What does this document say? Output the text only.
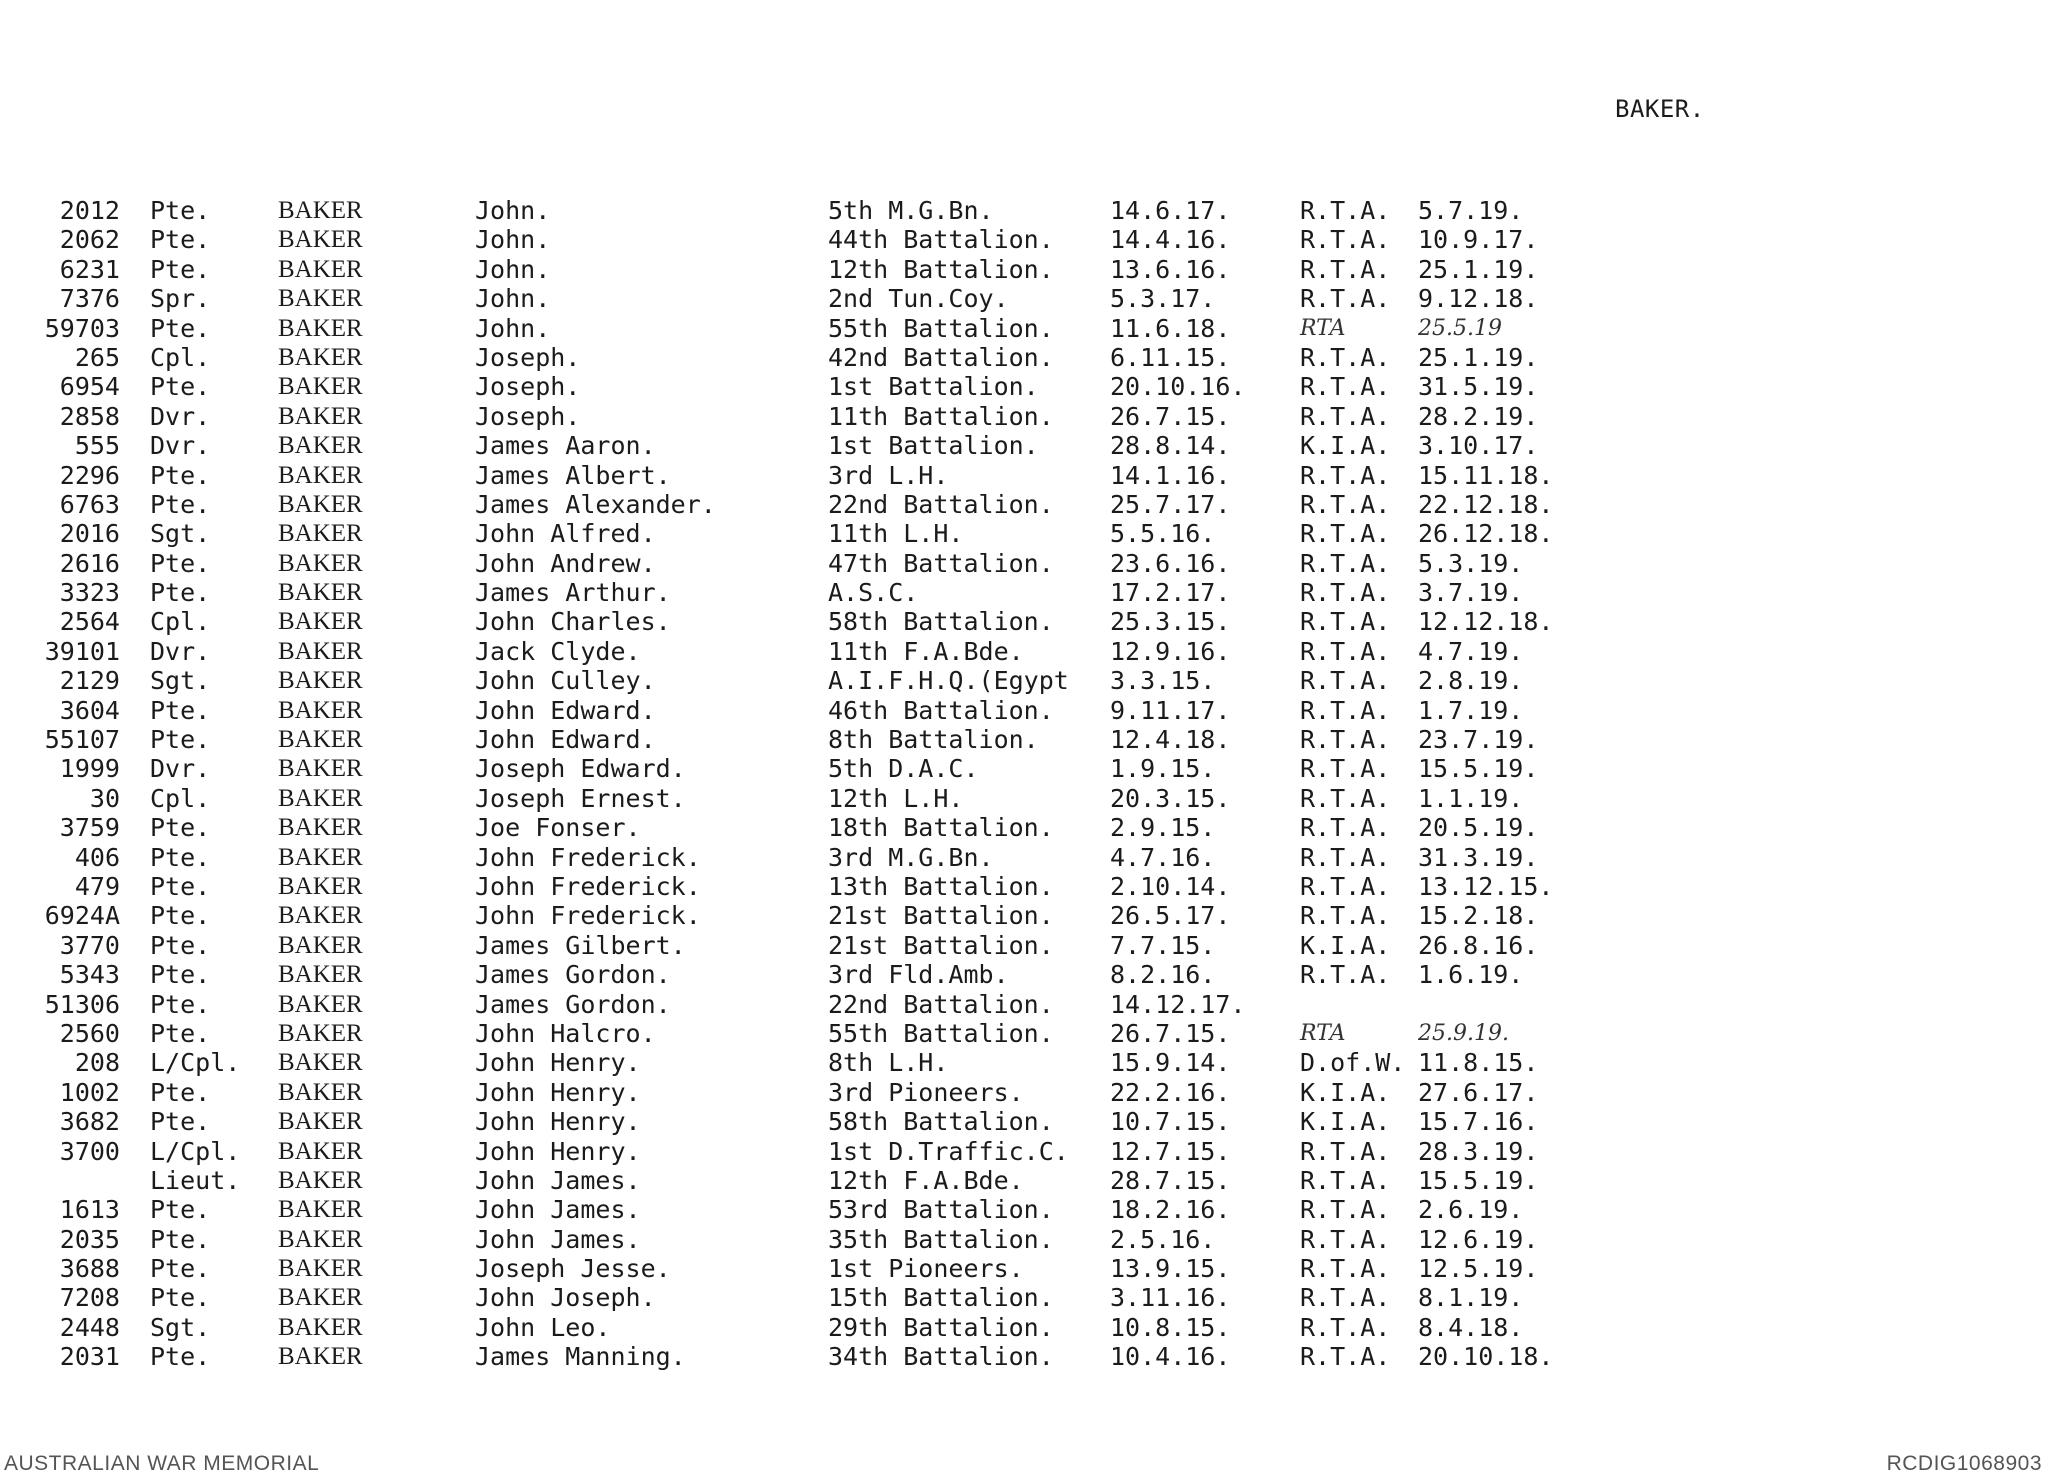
BAKER.
2012 Pte.	BAKER	John.	5th M.G.Bn.	14.6.17.	R.T.A. 5.7.19.
2062 Pte.	BAKER	John.	44th Battalion. 14.4.16.	R.T.A. 10.9.17.
6231 Pte.	BAKER	John.	12th Battalion. 13.6.16.	R.T.A. 25.1.19.
7376 Spr.	BAKER	John.	2nd Tun.Coy.	5.3.17.	R.T.A. 9.12.18.
59703 Pte.	BAKER	John.	55th Battalion. 11.6.18.	RTA	25.5.19
265 Cpl.	BAKER	Joseph.	42nd Battalion. 6.11.15.	R.T.A. 25.1.19.
6954 Pte.	BAKER	Joseph.	1st Battalion.	20.10.16. R.T.A. 31.5.19.
2858 Dvr.	BAKER	Joseph.	11th Battalion. 26.7.15.	R.T.A. 28.2.19.
555 Dvr.	BAKER	James Aaron.	1st Battalion.	28.8.14.	K.I.A. 3.10.17.
2296 Pte.	BAKER	James Albert.	3rd L.H.	14.1.16.	R.T.A. 15.11.18.
6763 Pte.	BAKER	James Alexander.	22nd Battalion. 25.7.17.	R.T.A. 22.12.18.
2016 Sgt.	BAKER	John Alfred.	11th L.H.	5.5.16.	R.T.A. 26.12.18.
2616 Pte.	BAKER	John Andrew.	47th Battalion. 23.6.16.	R.T.A. 5.3.19.
3323 Pte.	BAKER	James Arthur.	A.S.C.	17.2.17.	R.T.A. 3.7.19.
2564 Cpl.	BAKER	John Charles.	58th Battalion. 25.3.15.	R.T.A. 12.12.18.
39101 Dvr.	BAKER	Jack Clyde.	11th F.A.Bde.	12.9.16.	R.T.A. 4.7.19.
2129 Sgt.	BAKER	John Culley.	A.I.F.H.Q.(Egypt 3.3.15.	R.T.A. 2.8.19.
3604 Pte.	BAKER	John Edward.	46th Battalion. 9.11.17.	R.T.A. 1.7.19.
55107 Pte.	BAKER	John Edward.	8th Battalion.	12.4.18.	R.T.A. 23.7.19.
1999 Dvr.	BAKER	Joseph Edward.	5th D.A.C.	1.9.15.	R.T.A. 15.5.19.
30 Cpl.	BAKER	Joseph Ernest.	12th L.H.	20.3.15.	R.T.A. 1.1.19.
3759 Pte.	BAKER	Joe Fonser.	18th Battalion. 2.9.15.	R.T.A. 20.5.19.
406 Pte.	BAKER	John Frederick.	3rd M.G.Bn.	4.7.16.	R.T.A. 31.3.19.
479 Pte.	BAKER	John Frederick.	13th Battalion. 2.10.14.	R.T.A. 13.12.15.
6924A Pte.	BAKER	John Frederick.	21st Battalion. 26.5.17.	R.T.A. 15.2.18.
3770 Pte.	BAKER	James Gilbert.	21st Battalion. 7.7.15.	K.I.A. 26.8.16.
5343 Pte.	BAKER	James Gordon.	3rd Fld.Amb.	8.2.16.	R.T.A. 1.6.19.
51306 Pte.	BAKER	James Gordon.	22nd Battalion. 14.12.17.
2560 Pte.	BAKER	John Halcro.	55th Battalion. 26.7.15.	RTA	25.9.19.
208 L/Cpl. BAKER	John Henry.	8th L.H.	15.9.14.	D.of.W. 11.8.15.
1002 Pte.	BAKER	John Henry.	3rd Pioneers.	22.2.16.	K.I.A. 27.6.17.
3682 Pte.	BAKER	John Henry.	58th Battalion. 10.7.15.	K.I.A. 15.7.16.
3700 L/Cpl. BAKER	John Henry.	1st D.Traffic.C. 12.7.15.	R.T.A. 28.3.19.
Lieut. BAKER	John James.	12th F.A.Bde.	28.7.15.	R.T.A. 15.5.19.
1613 Pte.	BAKER	John James.	53rd Battalion. 18.2.16.	R.T.A. 2.6.19.
2035 Pte.	BAKER	John James.	35th Battalion. 2.5.16.	R.T.A. 12.6.19.
3688 Pte.	BAKER	Joseph Jesse.	1st Pioneers.	13.9.15.	R.T.A. 12.5.19.
7208 Pte.	BAKER	John Joseph.	15th Battalion. 3.11.16.	R.T.A. 8.1.19.
2448 Sgt.	BAKER	John Leo.	29th Battalion. 10.8.15.	R.T.A. 8.4.18.
2031 Pte.	BAKER	James Manning.	34th Battalion. 10.4.16.	R.T.A. 20.10.18.
AUSTRALIAN WAR MEMORIAL	RCDIG1068903
